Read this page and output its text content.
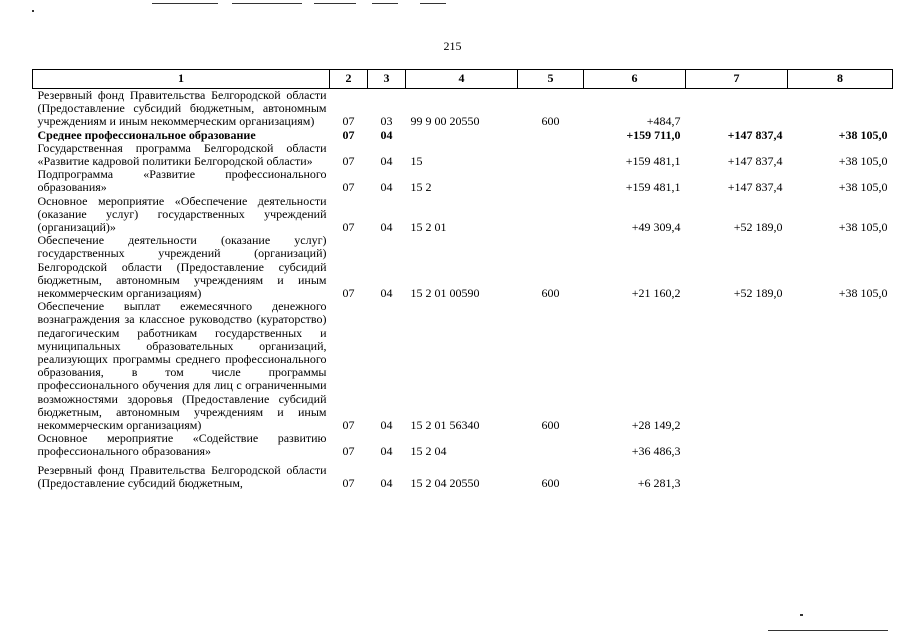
215
1	2	3	4	5	6	7	8
Резервный фонд Правительства Белгородской области (Предоставление субсидий бюджетным, автономным учреждениям и иным некоммерческим организациям)	07	03	99 9 00 20550	600	+484,7		
Среднее профессиональное образование	07	04			+159 711,0	+147 837,4	+38 105,0
Государственная программа Белгородской области «Развитие кадровой политики Белгородской области»	07	04	15		+159 481,1	+147 837,4	+38 105,0
Подпрограмма «Развитие профессионального образования»	07	04	15 2		+159 481,1	+147 837,4	+38 105,0
Основное мероприятие «Обеспечение деятельности (оказание услуг) государственных учреждений (организаций)»	07	04	15 2 01		+49 309,4	+52 189,0	+38 105,0
Обеспечение деятельности (оказание услуг) государственных учреждений (организаций) Белгородской области (Предоставление субсидий бюджетным, автономным учреждениям и иным некоммерческим организациям)	07	04	15 2 01 00590	600	+21 160,2	+52 189,0	+38 105,0
Обеспечение выплат ежемесячного денежного вознаграждения за классное руководство (кураторство) педагогическим работникам государственных и муниципальных образовательных организаций, реализующих программы среднего профессионального образования, в том числе программы профессионального обучения для лиц с ограниченными возможностями здоровья (Предоставление субсидий бюджетным, автономным учреждениям и иным некоммерческим организациям)	07	04	15 2 01 56340	600	+28 149,2		
Основное мероприятие «Содействие развитию профессионального образования»	07	04	15 2 04		+36 486,3		
Резервный фонд Правительства Белгородской области (Предоставление субсидий бюджетным,	07	04	15 2 04 20550	600	+6 281,3		
